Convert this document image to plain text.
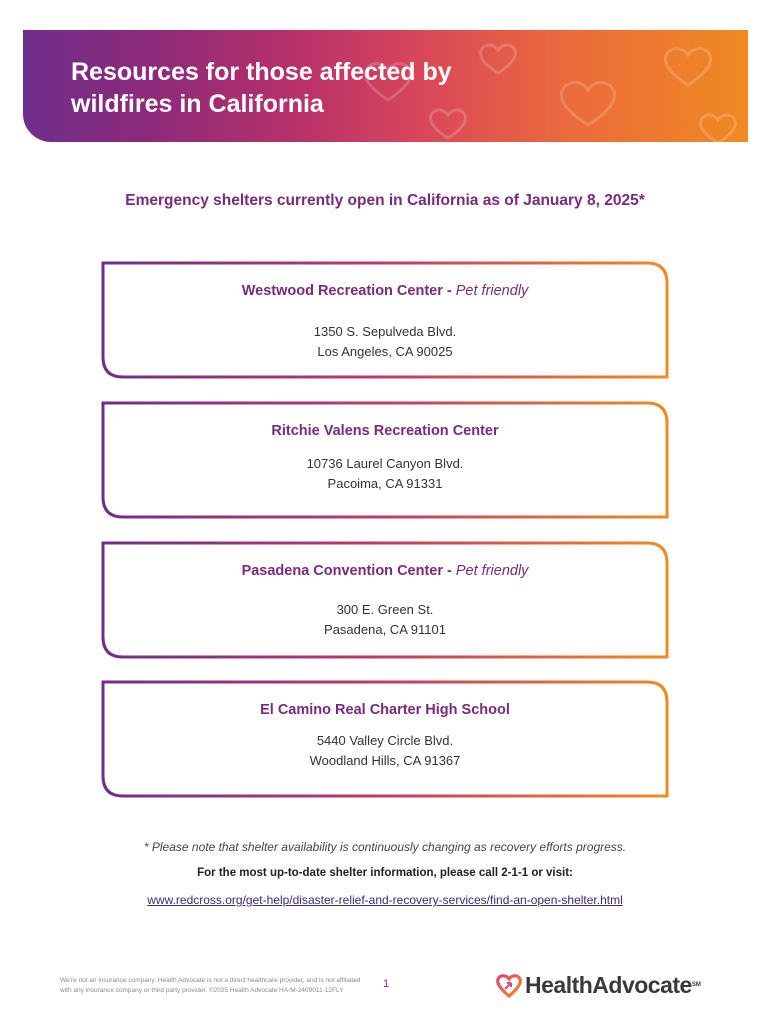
Resources for those affected by wildfires in California
Emergency shelters currently open in California as of January 8, 2025*
Westwood Recreation Center - Pet friendly
1350 S. Sepulveda Blvd.
Los Angeles, CA 90025
Ritchie Valens Recreation Center
10736 Laurel Canyon Blvd.
Pacoima, CA 91331
Pasadena Convention Center - Pet friendly
300 E. Green St.
Pasadena, CA 91101
El Camino Real Charter High School
5440 Valley Circle Blvd.
Woodland Hills, CA 91367
* Please note that shelter availability is continuously changing as recovery efforts progress.
For the most up-to-date shelter information, please call 2-1-1 or visit:
www.redcross.org/get-help/disaster-relief-and-recovery-services/find-an-open-shelter.html
We're not an insurance company. Health Advocate is not a direct healthcare provider, and is not affiliated
with any insurance company or third party provider. ©2025 Health Advocate HA-M-2409011-12FLY
1	HealthAdvocate SM
